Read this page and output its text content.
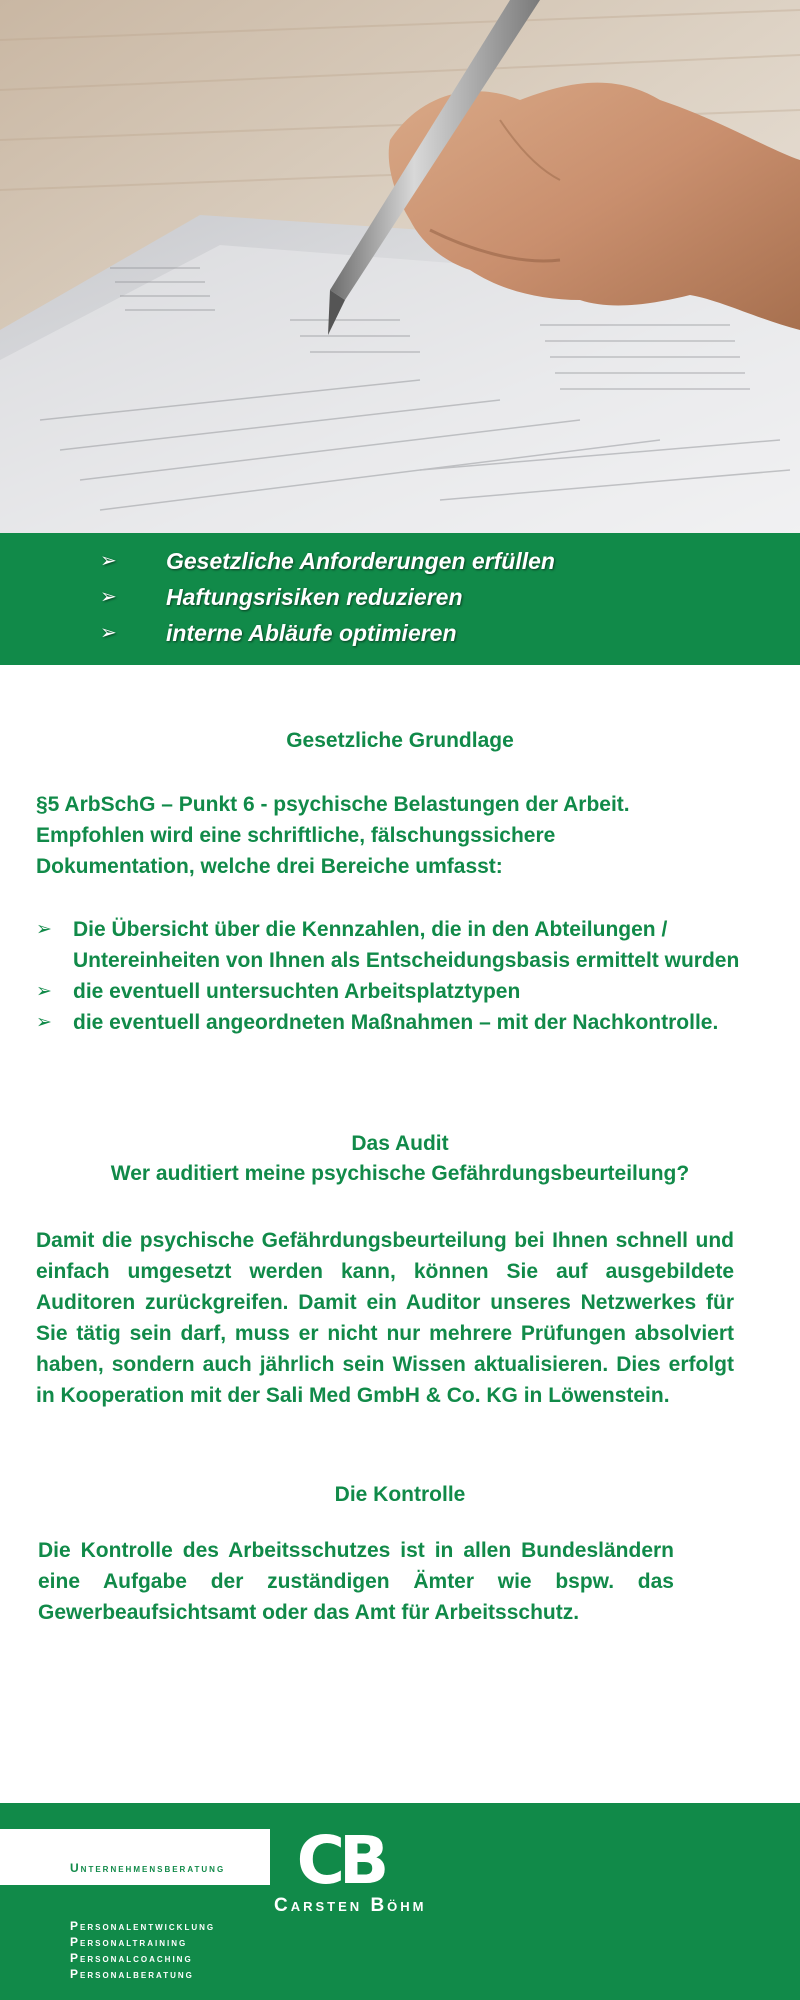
➢ Gesetzliche Anforderungen erfüllen
➢ Haftungsrisiken reduzieren
➢ interne Abläufe optimieren
Gesetzliche Grundlage
§5 ArbSchG – Punkt 6 - psychische Belastungen der Arbeit.
Empfohlen wird eine schriftliche, fälschungssichere
Dokumentation, welche drei Bereiche umfasst:
➢ Die Übersicht über die Kennzahlen, die in den Abteilungen / Untereinheiten von Ihnen als Entscheidungsbasis ermittelt wurden
➢ die eventuell untersuchten Arbeitsplatztypen
➢ die eventuell angeordneten Maßnahmen – mit der Nachkontrolle.
Das Audit
Wer auditiert meine psychische Gefährdungsbeurteilung?
Damit die psychische Gefährdungsbeurteilung bei Ihnen schnell und einfach umgesetzt werden kann, können Sie auf ausgebildete Auditoren zurückgreifen. Damit ein Auditor unseres Netzwerkes für Sie tätig sein darf, muss er nicht nur mehrere Prüfungen absolviert haben, sondern auch jährlich sein Wissen aktualisieren. Dies erfolgt in Kooperation mit der Sali Med GmbH & Co. KG in Löwenstein.
Die Kontrolle
Die Kontrolle des Arbeitsschutzes ist in allen Bundesländern eine Aufgabe der zuständigen Ämter wie bspw. das Gewerbeaufsichtsamt oder das Amt für Arbeitsschutz.
Unternehmensberatung CB
Carsten Böhm
Personalentwicklung
Personaltraining
Personalcoaching
Personalberatung
